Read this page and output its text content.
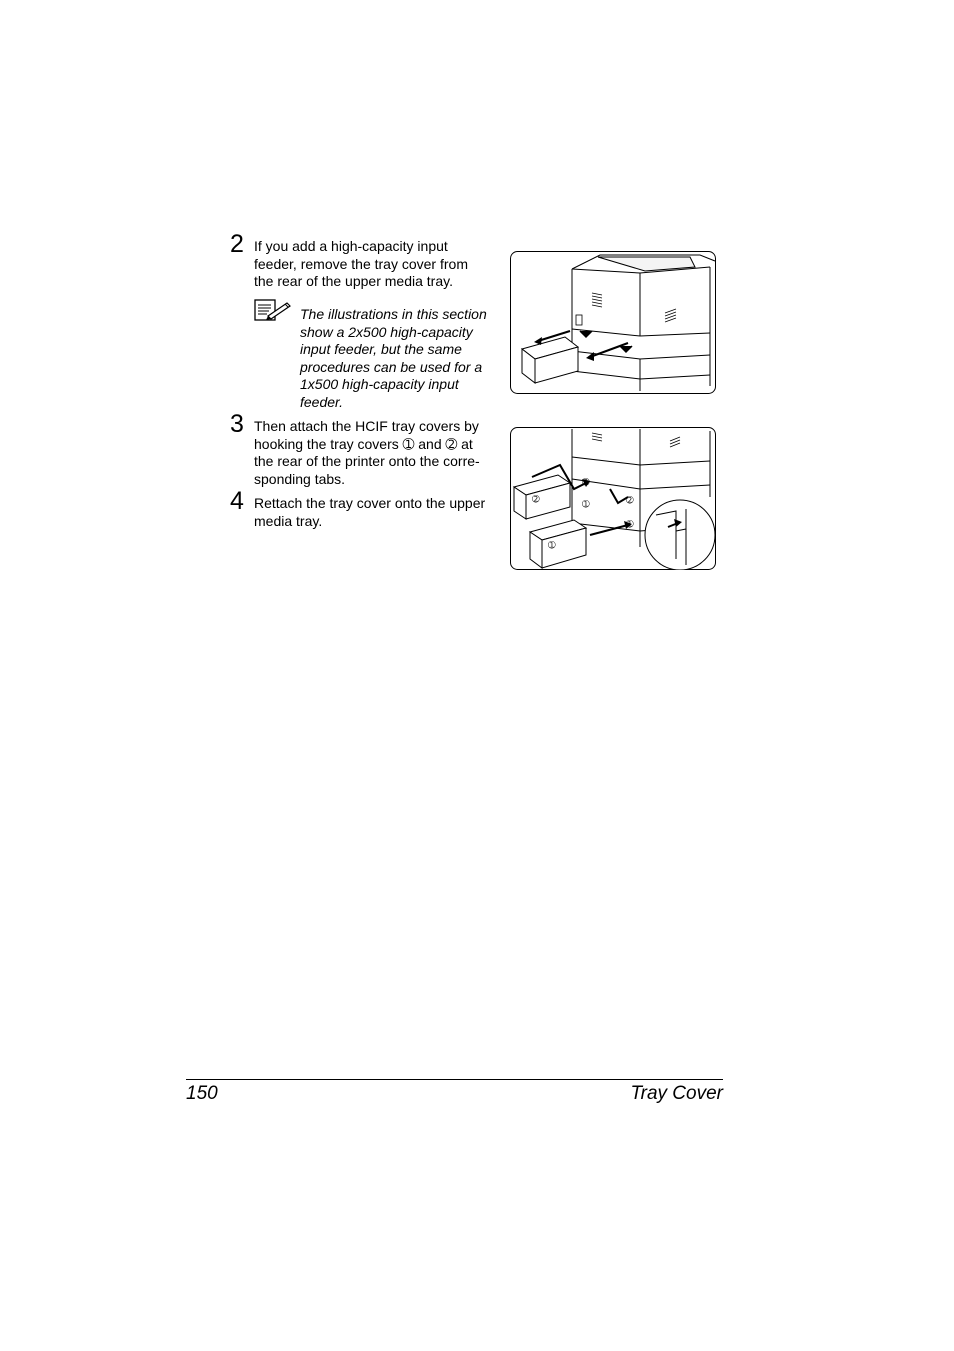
2 If you add a high-capacity input feeder, remove the tray cover from the rear of the upper media tray.
The illustrations in this section show a 2x500 high-capacity input feeder, but the same procedures can be used for a 1x500 high-capacity input feeder.
3 Then attach the HCIF tray covers by hooking the tray covers ➀ and ➁ at the rear of the printer onto the corre-sponding tabs.
4 Rettach the tray cover onto the upper media tray.
➁
➀
➁
➀	➁
➀
150	Tray Cover
